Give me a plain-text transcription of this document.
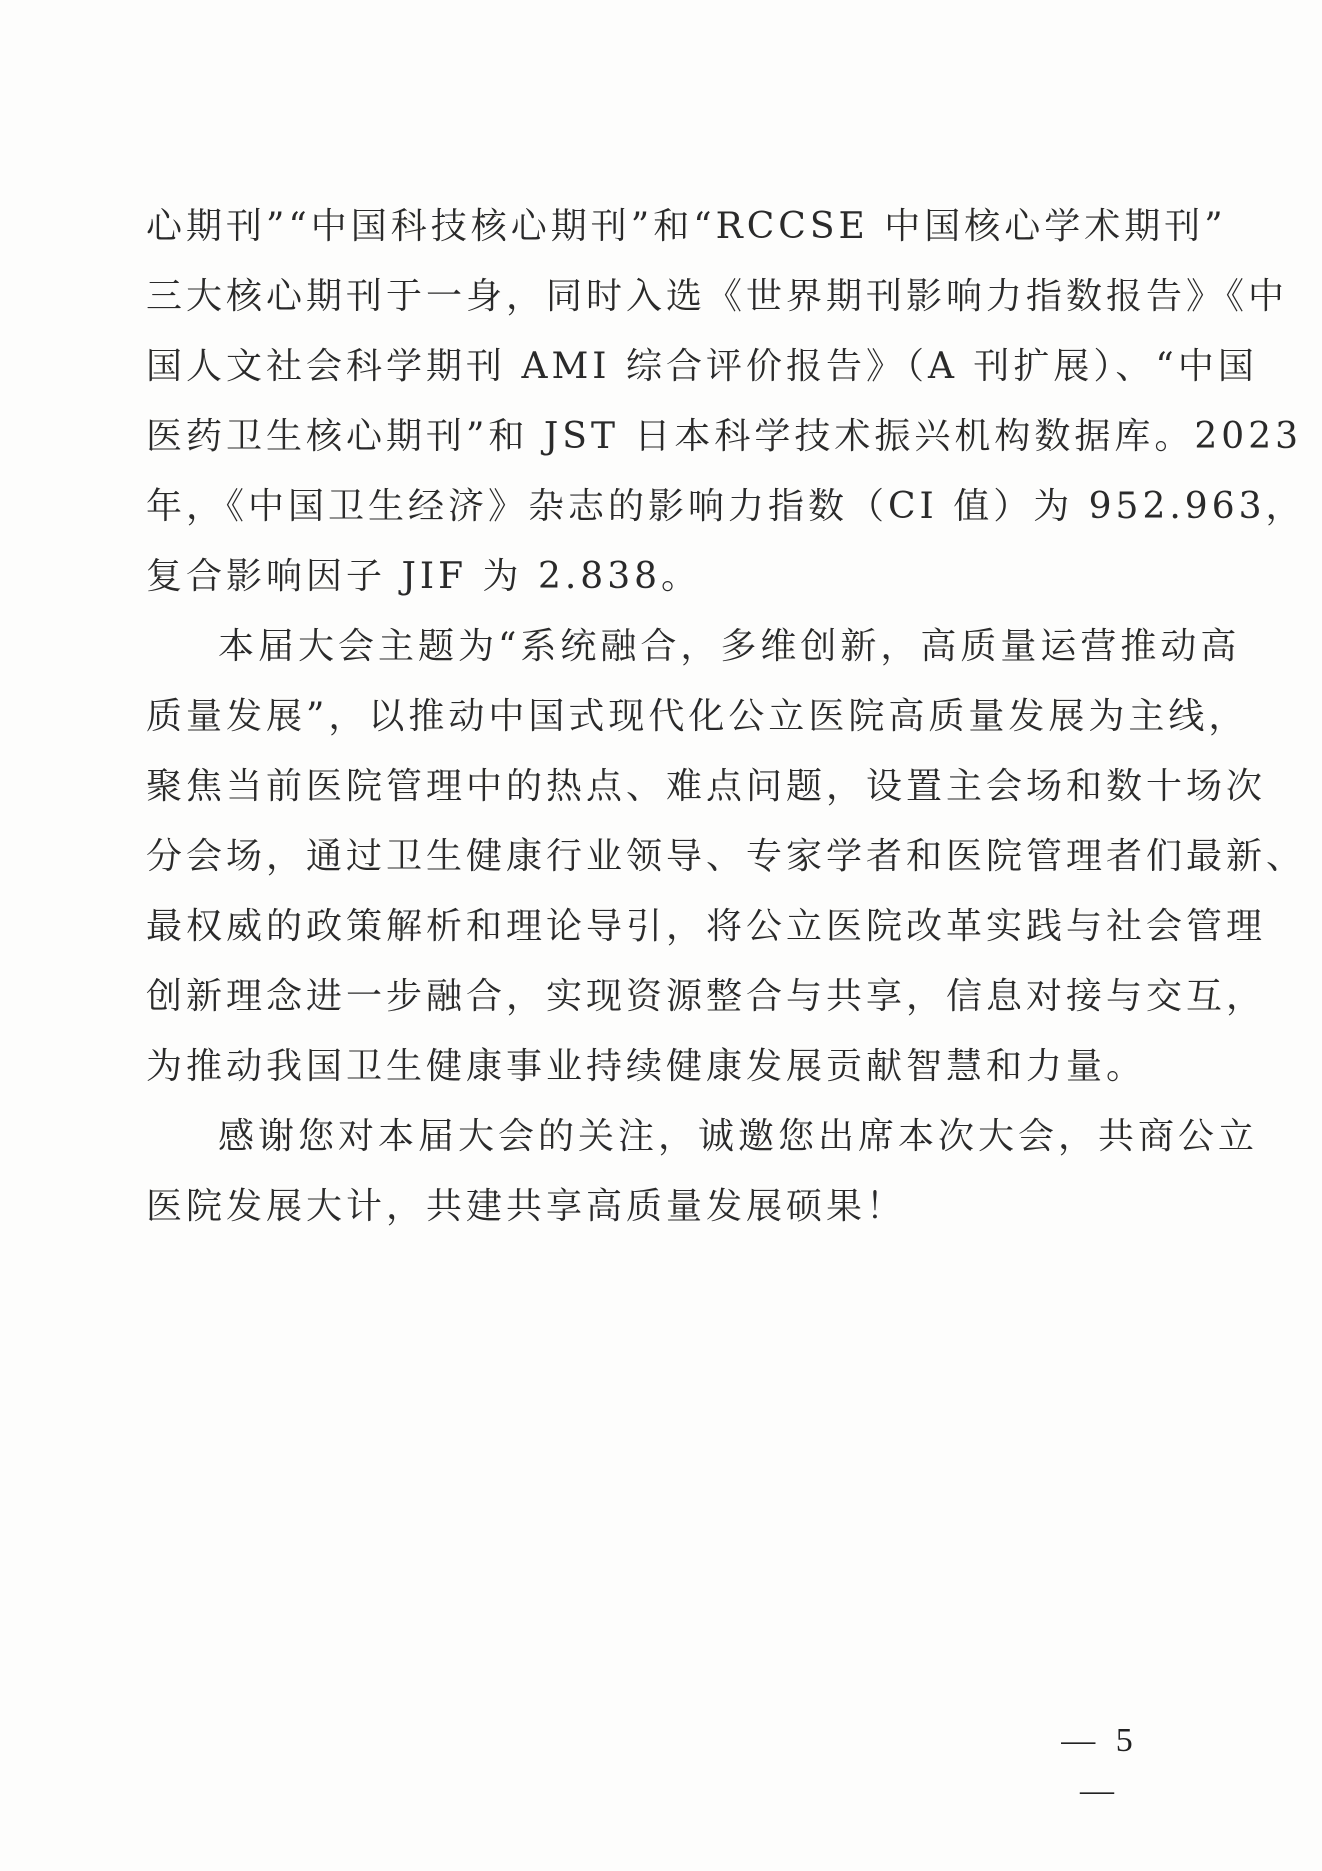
心期刊”“中国科技核心期刊”和“RCCSE 中国核心学术期刊”
三大核心期刊于一身，同时入选《世界期刊影响力指数报告》《中
国人文社会科学期刊 AMI 综合评价报告》（A 刊扩展）、“中国
医药卫生核心期刊”和 JST 日本科学技术振兴机构数据库。2023
年，《中国卫生经济》杂志的影响力指数（CI 值）为 952.963，
复合影响因子 JIF 为 2.838。
本届大会主题为“系统融合，多维创新，高质量运营推动高
质量发展”，以推动中国式现代化公立医院高质量发展为主线，
聚焦当前医院管理中的热点、难点问题，设置主会场和数十场次
分会场，通过卫生健康行业领导、专家学者和医院管理者们最新、
最权威的政策解析和理论导引，将公立医院改革实践与社会管理
创新理念进一步融合，实现资源整合与共享，信息对接与交互，
为推动我国卫生健康事业持续健康发展贡献智慧和力量。
感谢您对本届大会的关注，诚邀您出席本次大会，共商公立
医院发展大计，共建共享高质量发展硕果！
— 5 —
